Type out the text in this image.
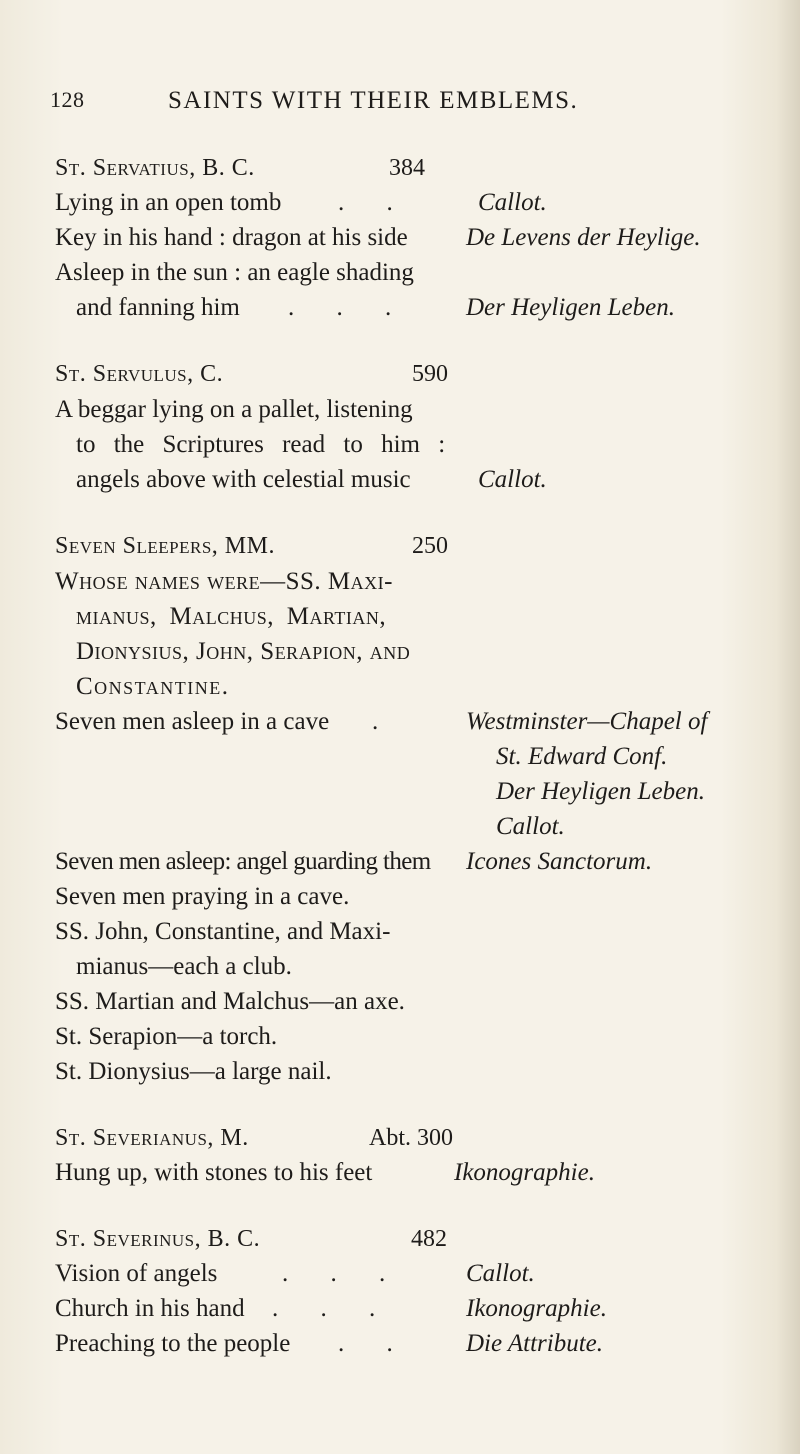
128	SAINTS WITH THEIR EMBLEMS.
St. Servatius, B. C.	384
Lying in an open tomb . .	Callot.
Key in his hand : dragon at his side De Levens der Heylige.
Asleep in the sun : an eagle shading
and fanning him . . . Der Heyligen Leben.
St. Servulus, C.	590
A beggar lying on a pallet, listening
to the Scriptures read to him :
angels above with celestial music	Callot.
Seven Sleepers, MM.	250
Whose names were—SS. Maxi-
mianus, Malchus, Martian,
Dionysius, John, Serapion, and
Constantine.
Seven men asleep in a cave .	Westminster—Chapel of
St. Edward Conf.
Der Heyligen Leben.
Callot.
Seven men asleep: angel guarding them Icones Sanctorum.
Seven men praying in a cave.
SS. John, Constantine, and Maxi-
mianus—each a club.
SS. Martian and Malchus—an axe.
St. Serapion—a torch.
St. Dionysius—a large nail.
St. Severianus, M.	Abt. 300
Hung up, with stones to his feet	Ikonographie.
St. Severinus, B. C.	482
Vision of angels	. . .	Callot.
Church in his hand . . .	Ikonographie.
Preaching to the people . . Die Attribute.
